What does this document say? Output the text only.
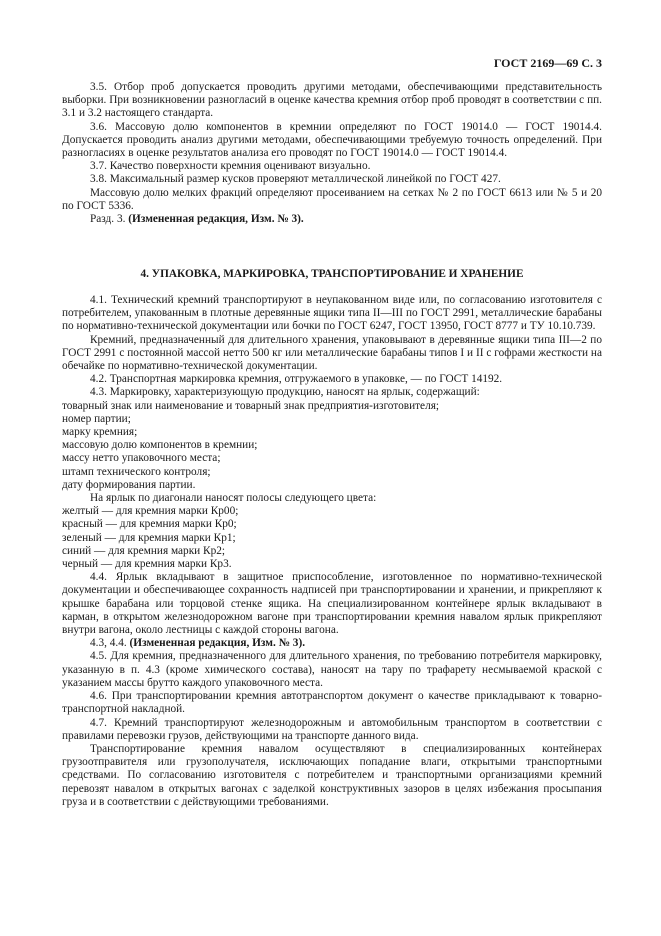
ГОСТ 2169—69 С. 3

3.5. Отбор проб допускается проводить другими методами, обеспечивающими представительность выборки. При возникновении разногласий в оценке качества кремния отбор проб проводят в соответствии с пп. 3.1 и 3.2 настоящего стандарта.

3.6. Массовую долю компонентов в кремнии определяют по ГОСТ 19014.0 — ГОСТ 19014.4. Допускается проводить анализ другими методами, обеспечивающими требуемую точность определений. При разногласиях в оценке результатов анализа его проводят по ГОСТ 19014.0 — ГОСТ 19014.4.

3.7. Качество поверхности кремния оценивают визуально.

3.8. Максимальный размер кусков проверяют металлической линейкой по ГОСТ 427.

Массовую долю мелких фракций определяют просеиванием на сетках № 2 по ГОСТ 6613 или № 5 и 20 по ГОСТ 5336.

Разд. 3. (Измененная редакция, Изм. № 3).

4. УПАКОВКА, МАРКИРОВКА, ТРАНСПОРТИРОВАНИЕ И ХРАНЕНИЕ

4.1. Технический кремний транспортируют в неупакованном виде или, по согласованию изготовителя с потребителем, упакованным в плотные деревянные ящики типа II—III по ГОСТ 2991, металлические барабаны по нормативно-технической документации или бочки по ГОСТ 6247, ГОСТ 13950, ГОСТ 8777 и ТУ 10.10.739.

Кремний, предназначенный для длительного хранения, упаковывают в деревянные ящики типа III—2 по ГОСТ 2991 с постоянной массой нетто 500 кг или металлические барабаны типов I и II с гофрами жесткости на обечайке по нормативно-технической документации.

4.2. Транспортная маркировка кремния, отгружаемого в упаковке, — по ГОСТ 14192.

4.3. Маркировку, характеризующую продукцию, наносят на ярлык, содержащий:

товарный знак или наименование и товарный знак предприятия-изготовителя;

номер партии;

марку кремния;

массовую долю компонентов в кремнии;

массу нетто упаковочного места;

штамп технического контроля;

дату формирования партии.

На ярлык по диагонали наносят полосы следующего цвета:

желтый — для кремния марки Кр00;

красный — для кремния марки Кр0;

зеленый — для кремния марки Кр1;

синий — для кремния марки Кр2;

черный — для кремния марки Кр3.

4.4. Ярлык вкладывают в защитное приспособление, изготовленное по нормативно-технической документации и обеспечивающее сохранность надписей при транспортировании и хранении, и прикрепляют к крышке барабана или торцовой стенке ящика. На специализированном контейнере ярлык вкладывают в карман, в открытом железнодорожном вагоне при транспортировании кремния навалом ярлык прикрепляют внутри вагона, около лестницы с каждой стороны вагона.

4.3, 4.4. (Измененная редакция, Изм. № 3).

4.5. Для кремния, предназначенного для длительного хранения, по требованию потребителя маркировку, указанную в п. 4.3 (кроме химического состава), наносят на тару по трафарету несмываемой краской с указанием массы брутто каждого упаковочного места.

4.6. При транспортировании кремния автотранспортом документ о качестве прикладывают к товарно-транспортной накладной.

4.7. Кремний транспортируют железнодорожным и автомобильным транспортом в соответствии с правилами перевозки грузов, действующими на транспорте данного вида.

Транспортирование кремния навалом осуществляют в специализированных контейнерах грузоотправителя или грузополучателя, исключающих попадание влаги, открытыми транспортными средствами. По согласованию изготовителя с потребителем и транспортными организациями кремний перевозят навалом в открытых вагонах с заделкой конструктивных зазоров в целях избежания просыпания груза и в соответствии с действующими требованиями.
